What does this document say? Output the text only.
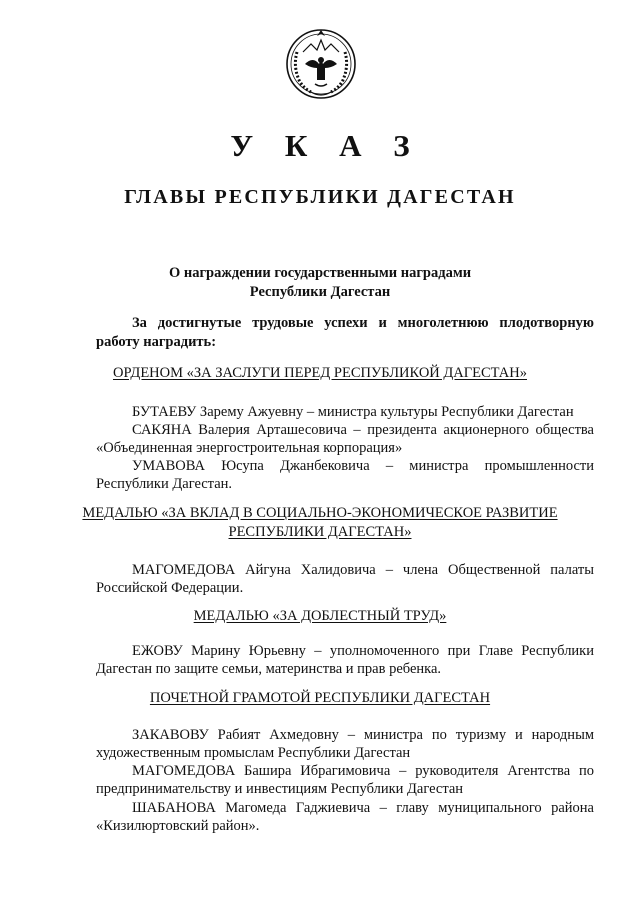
У К А З
ГЛАВЫ РЕСПУБЛИКИ ДАГЕСТАН
О награждении государственными наградами
Республики Дагестан
За достигнутые трудовые успехи и многолетнюю плодотворную работу наградить:
ОРДЕНОМ «ЗА ЗАСЛУГИ ПЕРЕД РЕСПУБЛИКОЙ ДАГЕСТАН»
БУТАЕВУ Зарему Ажуевну – министра культуры Республики Дагестан
САКЯНА Валерия Арташесовича – президента акционерного общества «Объединенная энергостроительная корпорация»
УМАВОВА Юсупа Джанбековича – министра промышленности Республики Дагестан.
МЕДАЛЬЮ «ЗА ВКЛАД В СОЦИАЛЬНО-ЭКОНОМИЧЕСКОЕ РАЗВИТИЕ
РЕСПУБЛИКИ ДАГЕСТАН»
МАГОМЕДОВА Айгуна Халидовича – члена Общественной палаты Российской Федерации.
МЕДАЛЬЮ «ЗА ДОБЛЕСТНЫЙ ТРУД»
ЕЖОВУ Марину Юрьевну – уполномоченного при Главе Республики Дагестан по защите семьи, материнства и прав ребенка.
ПОЧЕТНОЙ ГРАМОТОЙ РЕСПУБЛИКИ ДАГЕСТАН
ЗАКАВОВУ Рабият Ахмедовну – министра по туризму и народным художественным промыслам Республики Дагестан
МАГОМЕДОВА Башира Ибрагимовича – руководителя Агентства по предпринимательству и инвестициям Республики Дагестан
ШАБАНОВА Магомеда Гаджиевича – главу муниципального района «Кизилюртовский район».
